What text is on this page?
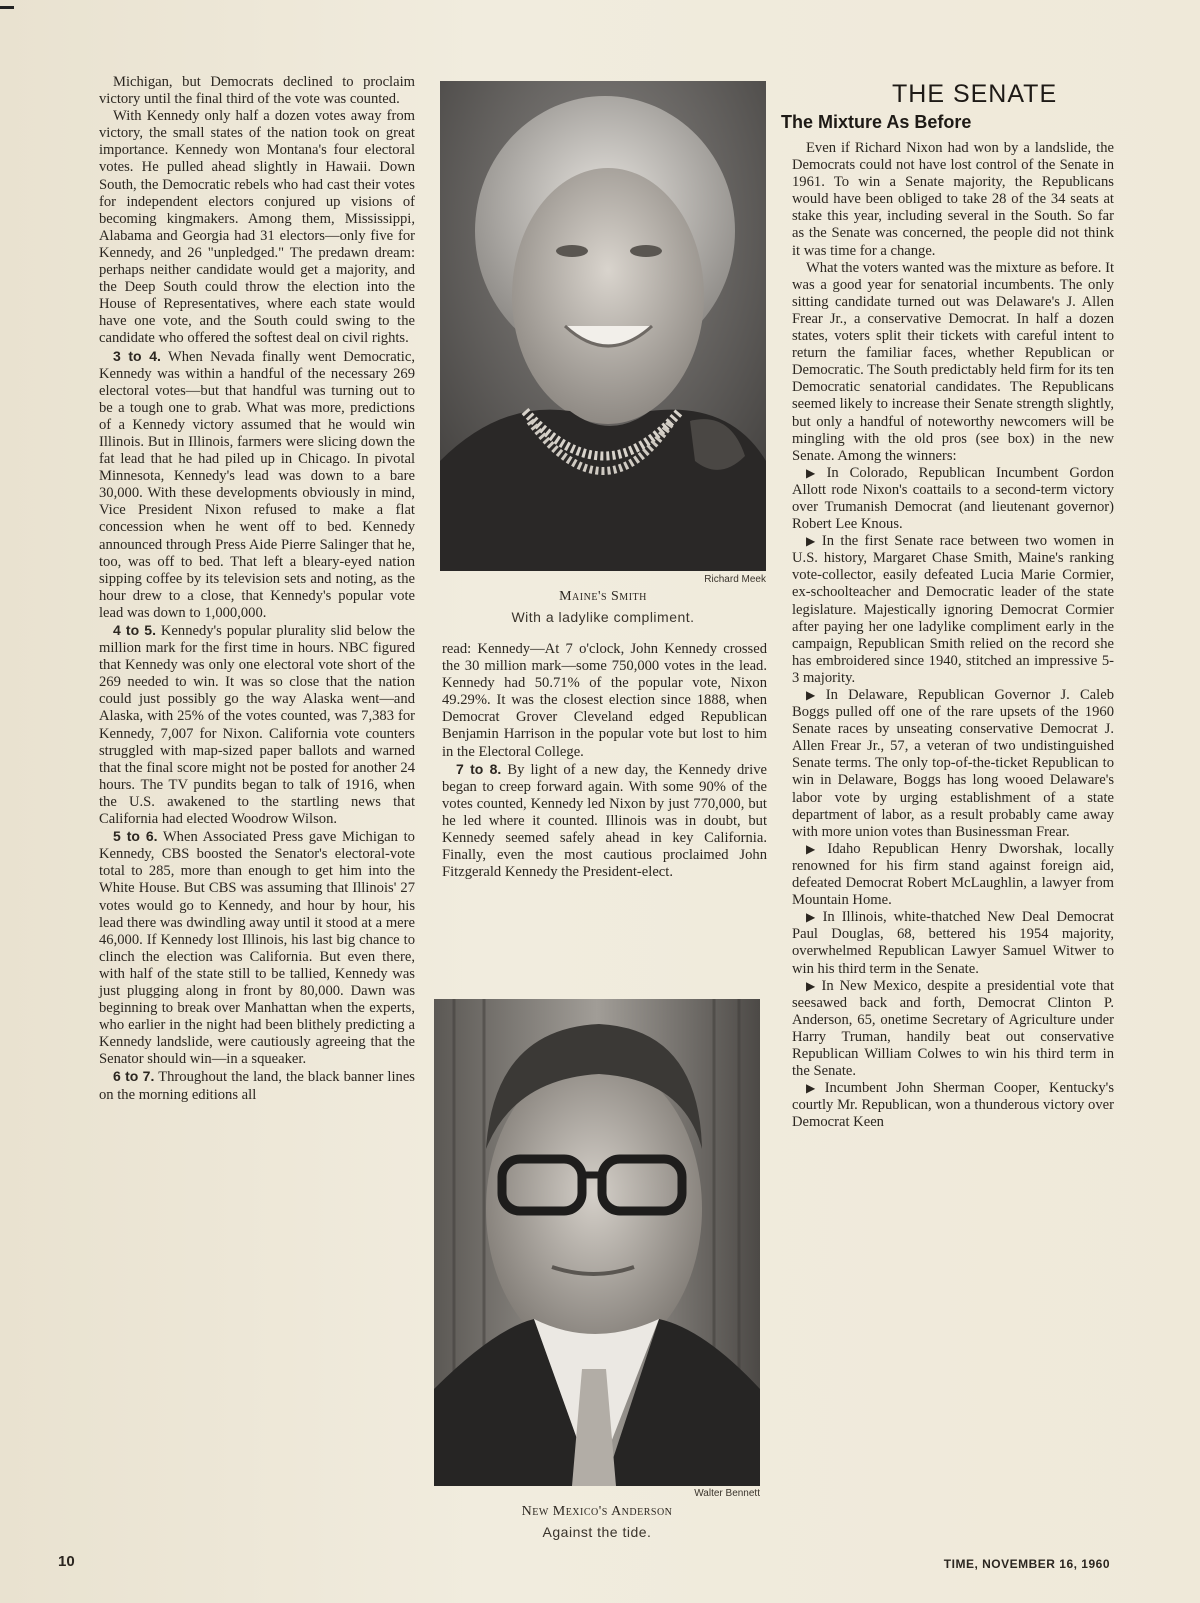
Michigan, but Democrats declined to proclaim victory until the final third of the vote was counted.

With Kennedy only half a dozen votes away from victory, the small states of the nation took on great importance. Kennedy won Montana's four electoral votes. He pulled ahead slightly in Hawaii. Down South, the Democratic rebels who had cast their votes for independent electors conjured up visions of becoming kingmakers. Among them, Mississippi, Alabama and Georgia had 31 electors—only five for Kennedy, and 26 "unpledged." The predawn dream: perhaps neither candidate would get a majority, and the Deep South could throw the election into the House of Representatives, where each state would have one vote, and the South could swing to the candidate who offered the softest deal on civil rights.

3 to 4. When Nevada finally went Democratic, Kennedy was within a handful of the necessary 269 electoral votes—but that handful was turning out to be a tough one to grab. What was more, predictions of a Kennedy victory assumed that he would win Illinois. But in Illinois, farmers were slicing down the fat lead that he had piled up in Chicago. In pivotal Minnesota, Kennedy's lead was down to a bare 30,000. With these developments obviously in mind, Vice President Nixon refused to make a flat concession when he went off to bed. Kennedy announced through Press Aide Pierre Salinger that he, too, was off to bed. That left a bleary-eyed nation sipping coffee by its television sets and noting, as the hour drew to a close, that Kennedy's popular vote lead was down to 1,000,000.

4 to 5. Kennedy's popular plurality slid below the million mark for the first time in hours. NBC figured that Kennedy was only one electoral vote short of the 269 needed to win. It was so close that the nation could just possibly go the way Alaska went—and Alaska, with 25% of the votes counted, was 7,383 for Kennedy, 7,007 for Nixon. California vote counters struggled with map-sized paper ballots and warned that the final score might not be posted for another 24 hours. The TV pundits began to talk of 1916, when the U.S. awakened to the startling news that California had elected Woodrow Wilson.

5 to 6. When Associated Press gave Michigan to Kennedy, CBS boosted the Senator's electoral-vote total to 285, more than enough to get him into the White House. But CBS was assuming that Illinois' 27 votes would go to Kennedy, and hour by hour, his lead there was dwindling away until it stood at a mere 46,000. If Kennedy lost Illinois, his last big chance to clinch the election was California. But even there, with half of the state still to be tallied, Kennedy was just plugging along in front by 80,000. Dawn was beginning to break over Manhattan when the experts, who earlier in the night had been blithely predicting a Kennedy landslide, were cautiously agreeing that the Senator should win—in a squeaker.

6 to 7. Throughout the land, the black banner lines on the morning editions all

Richard Meek
Maine's Smith
With a ladylike compliment.

read: Kennedy—At 7 o'clock, John Kennedy crossed the 30 million mark—some 750,000 votes in the lead. Kennedy had 50.71% of the popular vote, Nixon 49.29%. It was the closest election since 1888, when Democrat Grover Cleveland edged Republican Benjamin Harrison in the popular vote but lost to him in the Electoral College.

7 to 8. By light of a new day, the Kennedy drive began to creep forward again. With some 90% of the votes counted, Kennedy led Nixon by just 770,000, but he led where it counted. Illinois was in doubt, but Kennedy seemed safely ahead in key California. Finally, even the most cautious proclaimed John Fitzgerald Kennedy the President-elect.

Walter Bennett
New Mexico's Anderson
Against the tide.
THE SENATE
The Mixture As Before

Even if Richard Nixon had won by a landslide, the Democrats could not have lost control of the Senate in 1961. To win a Senate majority, the Republicans would have been obliged to take 28 of the 34 seats at stake this year, including several in the South. So far as the Senate was concerned, the people did not think it was time for a change.

What the voters wanted was the mixture as before. It was a good year for senatorial incumbents. The only sitting candidate turned out was Delaware's J. Allen Frear Jr., a conservative Democrat. In half a dozen states, voters split their tickets with careful intent to return the familiar faces, whether Republican or Democratic. The South predictably held firm for its ten Democratic senatorial candidates. The Republicans seemed likely to increase their Senate strength slightly, but only a handful of noteworthy newcomers will be mingling with the old pros (see box) in the new Senate. Among the winners:

▶ In Colorado, Republican Incumbent Gordon Allott rode Nixon's coattails to a second-term victory over Trumanish Democrat (and lieutenant governor) Robert Lee Knous.

▶ In the first Senate race between two women in U.S. history, Margaret Chase Smith, Maine's ranking vote-collector, easily defeated Lucia Marie Cormier, ex-schoolteacher and Democratic leader of the state legislature. Majestically ignoring Democrat Cormier after paying her one ladylike compliment early in the campaign, Republican Smith relied on the record she has embroidered since 1940, stitched an impressive 5-3 majority.

▶ In Delaware, Republican Governor J. Caleb Boggs pulled off one of the rare upsets of the 1960 Senate races by unseating conservative Democrat J. Allen Frear Jr., 57, a veteran of two undistinguished Senate terms. The only top-of-the-ticket Republican to win in Delaware, Boggs has long wooed Delaware's labor vote by urging establishment of a state department of labor, as a result probably came away with more union votes than Businessman Frear.

▶ Idaho Republican Henry Dworshak, locally renowned for his firm stand against foreign aid, defeated Democrat Robert McLaughlin, a lawyer from Mountain Home.

▶ In Illinois, white-thatched New Deal Democrat Paul Douglas, 68, bettered his 1954 majority, overwhelmed Republican Lawyer Samuel Witwer to win his third term in the Senate.

▶ In New Mexico, despite a presidential vote that seesawed back and forth, Democrat Clinton P. Anderson, 65, onetime Secretary of Agriculture under Harry Truman, handily beat out conservative Republican William Colwes to win his third term in the Senate.

▶ Incumbent John Sherman Cooper, Kentucky's courtly Mr. Republican, won a thunderous victory over Democrat Keen

10	TIME, NOVEMBER 16, 1960
